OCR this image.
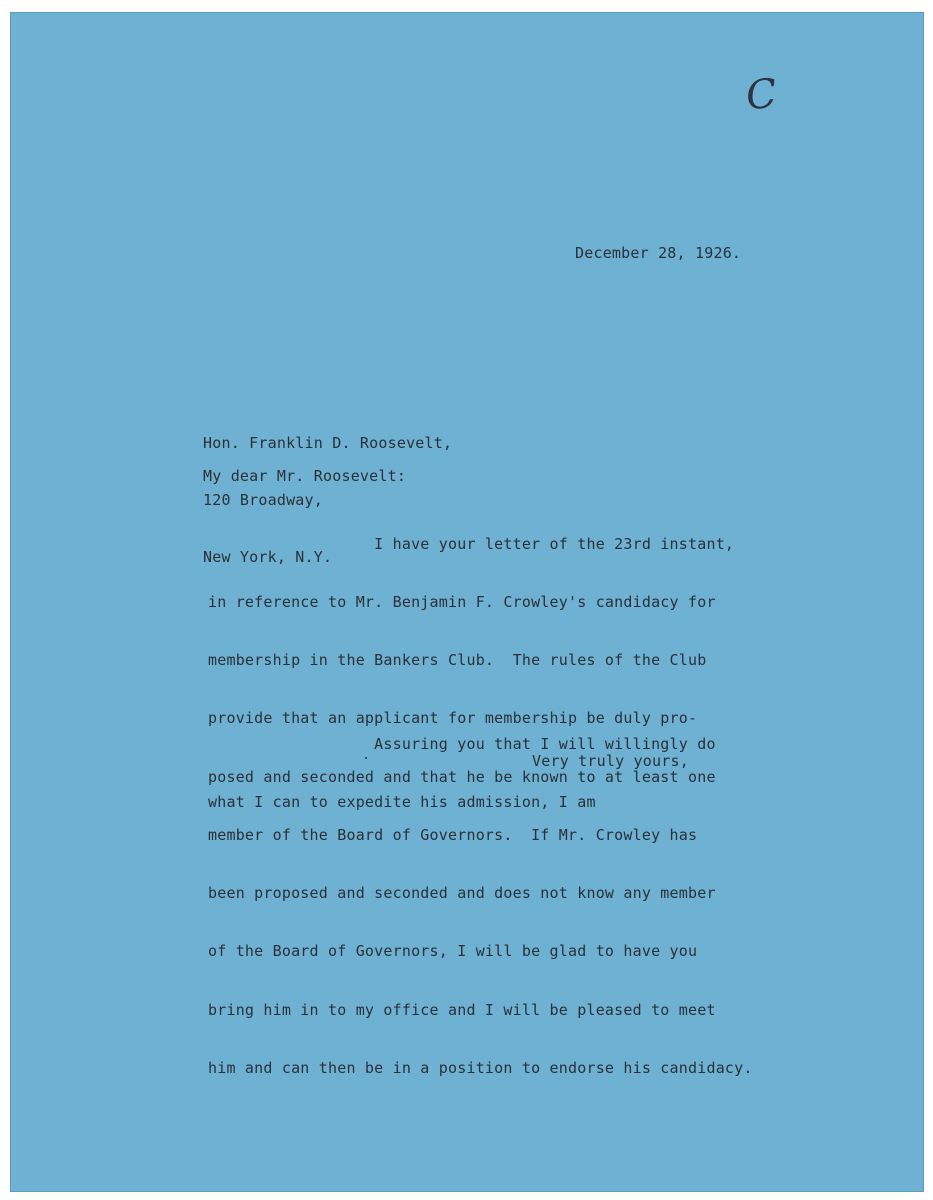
C
December 28, 1926.

Hon. Franklin D. Roosevelt,

120 Broadway,

New York, N.Y.

My dear Mr. Roosevelt:

I have your letter of the 23rd instant,

in reference to Mr. Benjamin F. Crowley's candidacy for

membership in the Bankers Club.  The rules of the Club

provide that an applicant for membership be duly pro-

posed and seconded and that he be known to at least one

member of the Board of Governors.  If Mr. Crowley has

been proposed and seconded and does not know any member

of the Board of Governors, I will be glad to have you

bring him in to my office and I will be pleased to meet

him and can then be in a position to endorse his candidacy.

Assuring you that I will willingly do

what I can to expedite his admission, I am

Very truly yours,
